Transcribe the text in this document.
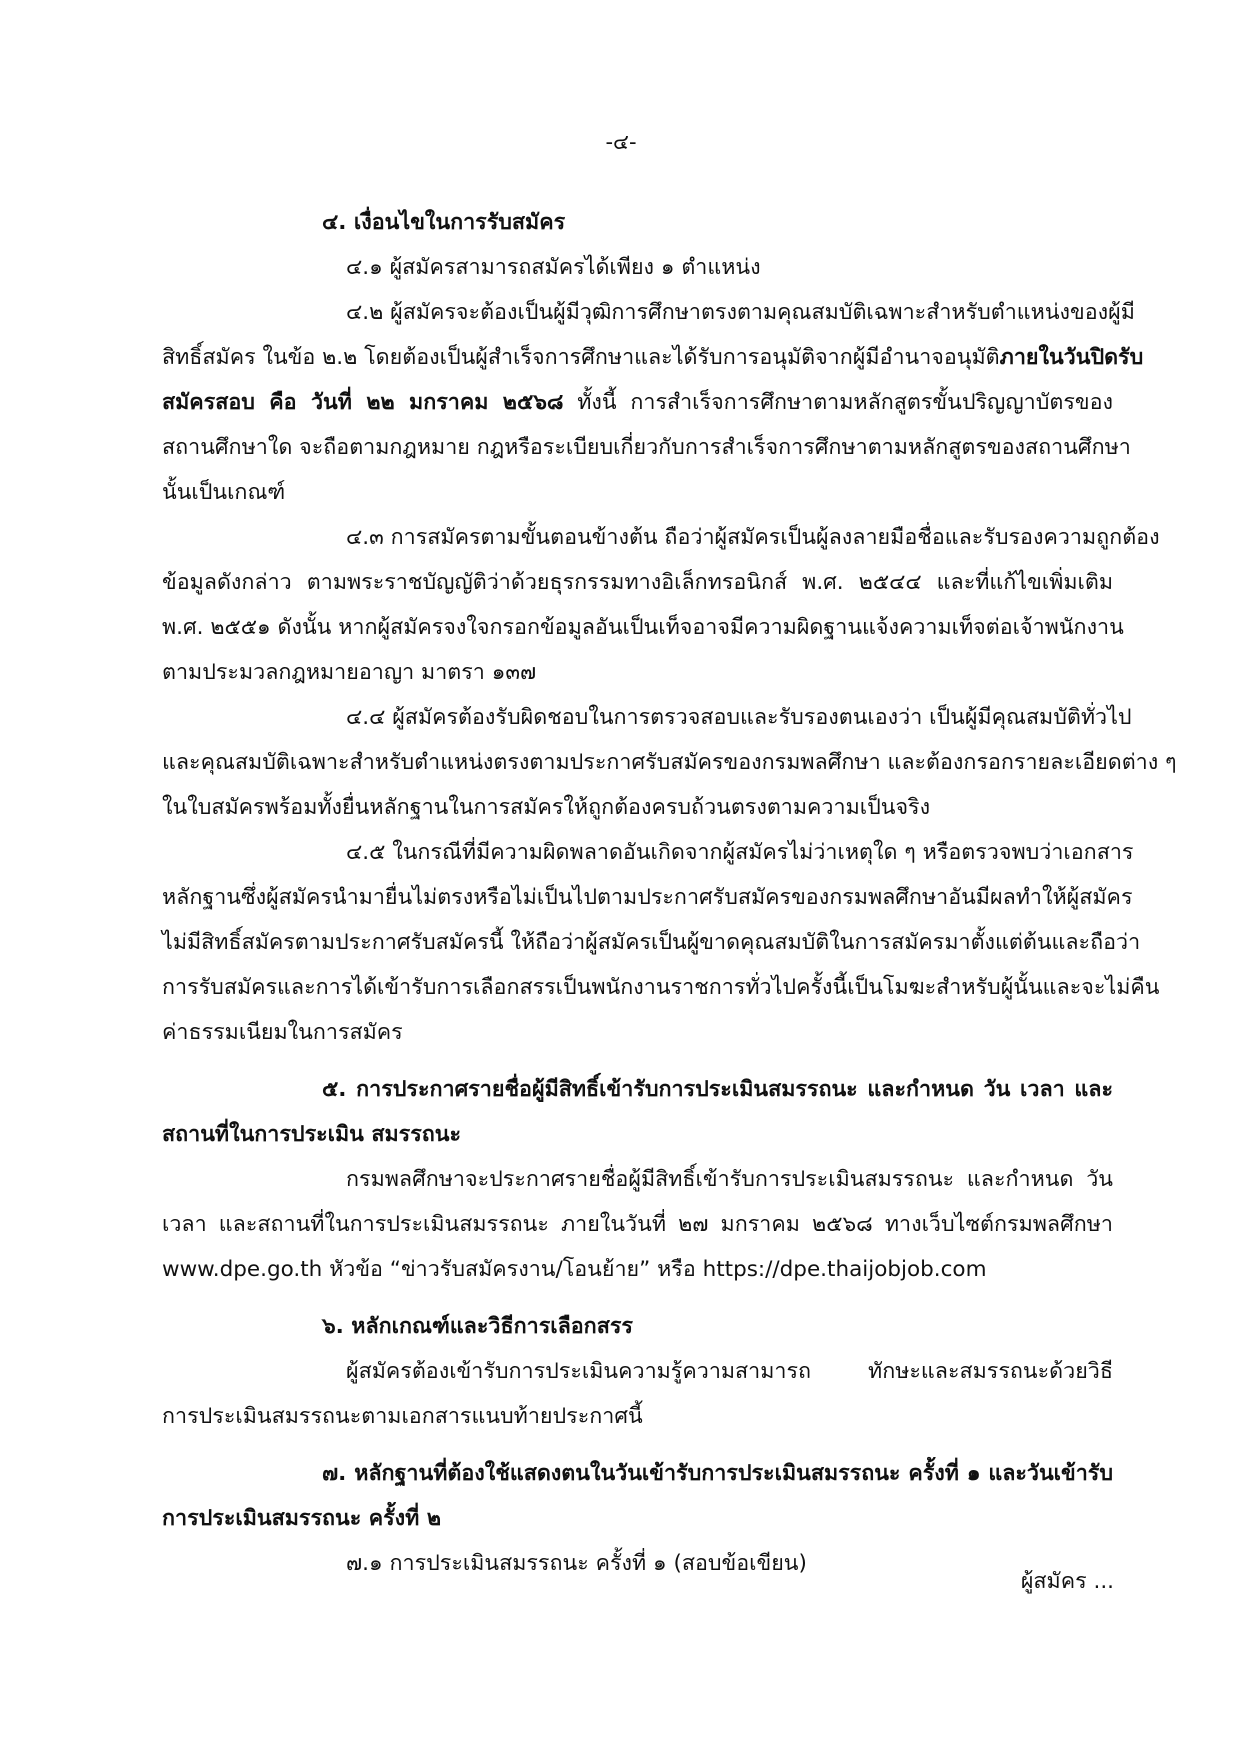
-๔-

๔. เงื่อนไขในการรับสมัคร

๔.๑ ผู้สมัครสามารถสมัครได้เพียง ๑ ตำแหน่ง

๔.๒ ผู้สมัครจะต้องเป็นผู้มีวุฒิการศึกษาตรงตามคุณสมบัติเฉพาะสำหรับตำแหน่งของผู้มี

สิทธิ์สมัคร ในข้อ ๒.๒ โดยต้องเป็นผู้สำเร็จการศึกษาและได้รับการอนุมัติจากผู้มีอำนาจอนุมัติภายในวันปิดรับ

สมัครสอบ คือ วันที่ ๒๒ มกราคม ๒๕๖๘ ทั้งนี้ การสำเร็จการศึกษาตามหลักสูตรขั้นปริญญาบัตรของ

สถานศึกษาใด จะถือตามกฎหมาย กฎหรือระเบียบเกี่ยวกับการสำเร็จการศึกษาตามหลักสูตรของสถานศึกษา

นั้นเป็นเกณฑ์

๔.๓ การสมัครตามขั้นตอนข้างต้น ถือว่าผู้สมัครเป็นผู้ลงลายมือชื่อและรับรองความถูกต้อง

ข้อมูลดังกล่าว ตามพระราชบัญญัติว่าด้วยธุรกรรมทางอิเล็กทรอนิกส์ พ.ศ. ๒๕๔๔ และที่แก้ไขเพิ่มเติม

พ.ศ. ๒๕๕๑ ดังนั้น หากผู้สมัครจงใจกรอกข้อมูลอันเป็นเท็จอาจมีความผิดฐานแจ้งความเท็จต่อเจ้าพนักงาน

ตามประมวลกฎหมายอาญา มาตรา ๑๓๗

๔.๔ ผู้สมัครต้องรับผิดชอบในการตรวจสอบและรับรองตนเองว่า เป็นผู้มีคุณสมบัติทั่วไป

และคุณสมบัติเฉพาะสำหรับตำแหน่งตรงตามประกาศรับสมัครของกรมพลศึกษา และต้องกรอกรายละเอียดต่าง ๆ

ในใบสมัครพร้อมทั้งยื่นหลักฐานในการสมัครให้ถูกต้องครบถ้วนตรงตามความเป็นจริง

๔.๕ ในกรณีที่มีความผิดพลาดอันเกิดจากผู้สมัครไม่ว่าเหตุใด ๆ หรือตรวจพบว่าเอกสาร

หลักฐานซึ่งผู้สมัครนำมายื่นไม่ตรงหรือไม่เป็นไปตามประกาศรับสมัครของกรมพลศึกษาอันมีผลทำให้ผู้สมัคร

ไม่มีสิทธิ์สมัครตามประกาศรับสมัครนี้ ให้ถือว่าผู้สมัครเป็นผู้ขาดคุณสมบัติในการสมัครมาตั้งแต่ต้นและถือว่า

การรับสมัครและการได้เข้ารับการเลือกสรรเป็นพนักงานราชการทั่วไปครั้งนี้เป็นโมฆะสำหรับผู้นั้นและจะไม่คืน

ค่าธรรมเนียมในการสมัคร

๕. การประกาศรายชื่อผู้มีสิทธิ์เข้ารับการประเมินสมรรถนะ และกำหนด วัน เวลา และ

สถานที่ในการประเมิน สมรรถนะ

กรมพลศึกษาจะประกาศรายชื่อผู้มีสิทธิ์เข้ารับการประเมินสมรรถนะ และกำหนด วัน

เวลา และสถานที่ในการประเมินสมรรถนะ ภายในวันที่ ๒๗ มกราคม ๒๕๖๘ ทางเว็บไซต์กรมพลศึกษา

www.dpe.go.th หัวข้อ “ข่าวรับสมัครงาน/โอนย้าย” หรือ https://dpe.thaijobjob.com

๖. หลักเกณฑ์และวิธีการเลือกสรร

ผู้สมัครต้องเข้ารับการประเมินความรู้ความสามารถ ทักษะและสมรรถนะด้วยวิธี

การประเมินสมรรถนะตามเอกสารแนบท้ายประกาศนี้

๗. หลักฐานที่ต้องใช้แสดงตนในวันเข้ารับการประเมินสมรรถนะ ครั้งที่ ๑ และวันเข้ารับ

การประเมินสมรรถนะ ครั้งที่ ๒

๗.๑ การประเมินสมรรถนะ ครั้งที่ ๑ (สอบข้อเขียน)

ผู้สมัคร ...
